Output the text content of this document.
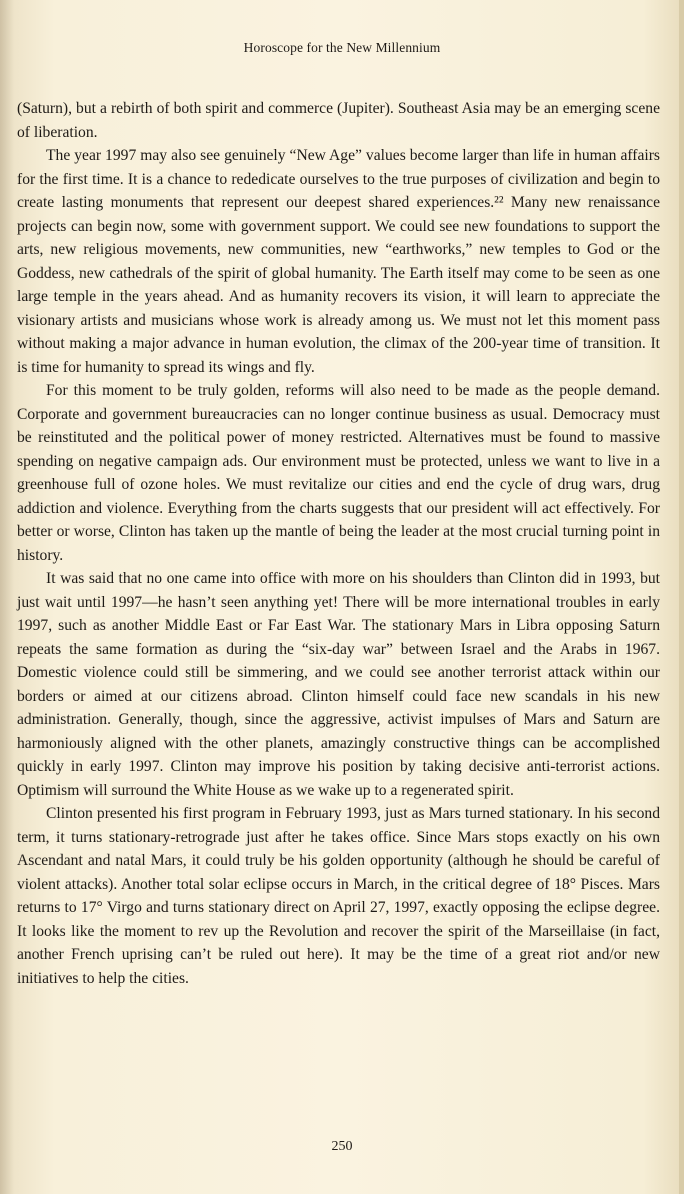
Horoscope for the New Millennium

(Saturn), but a rebirth of both spirit and commerce (Jupiter). Southeast Asia may be an emerging scene of liberation.

The year 1997 may also see genuinely “New Age” values become larger than life in human affairs for the first time. It is a chance to rededicate ourselves to the true purposes of civilization and begin to create lasting monuments that represent our deepest shared experiences.²² Many new renaissance projects can begin now, some with government support. We could see new foundations to support the arts, new religious movements, new communities, new “earthworks,” new temples to God or the Goddess, new cathedrals of the spirit of global humanity. The Earth itself may come to be seen as one large temple in the years ahead. And as humanity recovers its vision, it will learn to appreciate the visionary artists and musicians whose work is already among us. We must not let this moment pass without making a major advance in human evolution, the climax of the 200-year time of transition. It is time for humanity to spread its wings and fly.

For this moment to be truly golden, reforms will also need to be made as the people demand. Corporate and government bureaucracies can no longer continue business as usual. Democracy must be reinstituted and the political power of money restricted. Alternatives must be found to massive spending on negative campaign ads. Our environment must be protected, unless we want to live in a greenhouse full of ozone holes. We must revitalize our cities and end the cycle of drug wars, drug addiction and violence. Everything from the charts suggests that our president will act effectively. For better or worse, Clinton has taken up the mantle of being the leader at the most crucial turning point in history.

It was said that no one came into office with more on his shoulders than Clinton did in 1993, but just wait until 1997—he hasn’t seen anything yet! There will be more international troubles in early 1997, such as another Middle East or Far East War. The stationary Mars in Libra opposing Saturn repeats the same formation as during the “six-day war” between Israel and the Arabs in 1967. Domestic violence could still be simmering, and we could see another terrorist attack within our borders or aimed at our citizens abroad. Clinton himself could face new scandals in his new administration. Generally, though, since the aggressive, activist impulses of Mars and Saturn are harmoniously aligned with the other planets, amazingly constructive things can be accomplished quickly in early 1997. Clinton may improve his position by taking decisive anti-terrorist actions. Optimism will surround the White House as we wake up to a regenerated spirit.

Clinton presented his first program in February 1993, just as Mars turned stationary. In his second term, it turns stationary-retrograde just after he takes office. Since Mars stops exactly on his own Ascendant and natal Mars, it could truly be his golden opportunity (although he should be careful of violent attacks). Another total solar eclipse occurs in March, in the critical degree of 18° Pisces. Mars returns to 17° Virgo and turns stationary direct on April 27, 1997, exactly opposing the eclipse degree. It looks like the moment to rev up the Revolution and recover the spirit of the Marseillaise (in fact, another French uprising can’t be ruled out here). It may be the time of a great riot and/or new initiatives to help the cities.

250
